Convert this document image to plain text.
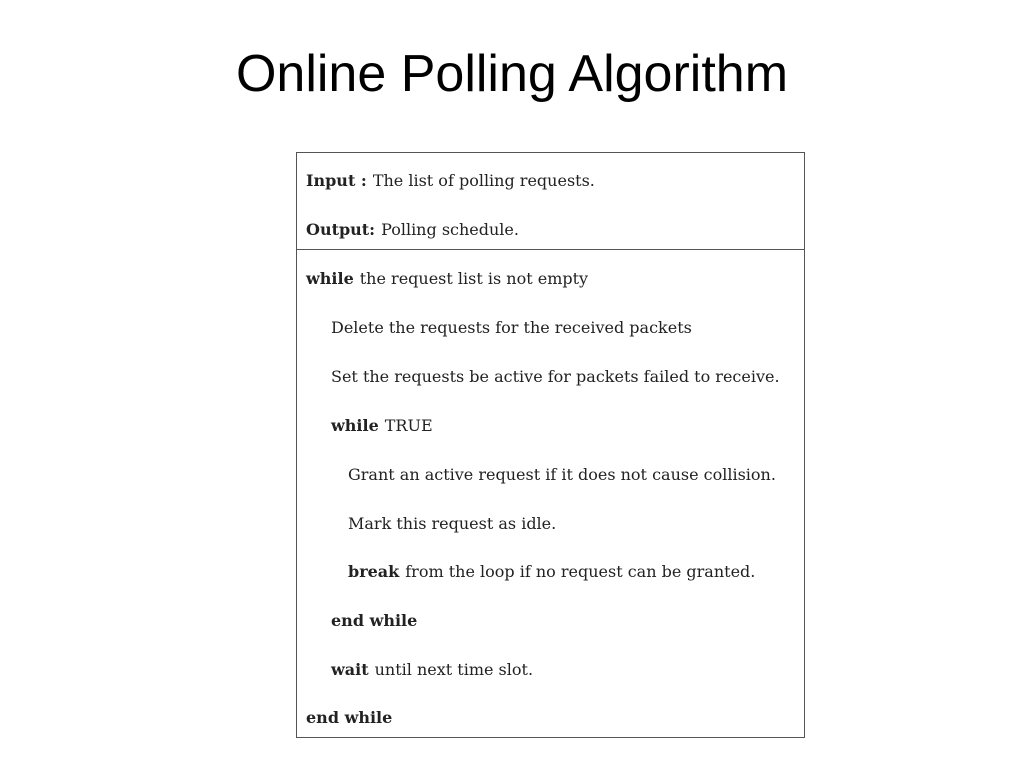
Online Polling Algorithm
Input : The list of polling requests.
Output: Polling schedule.
while the request list is not empty
Delete the requests for the received packets
Set the requests be active for packets failed to receive.
while TRUE
Grant an active request if it does not cause collision.
Mark this request as idle.
break from the loop if no request can be granted.
end while
wait until next time slot.
end while
